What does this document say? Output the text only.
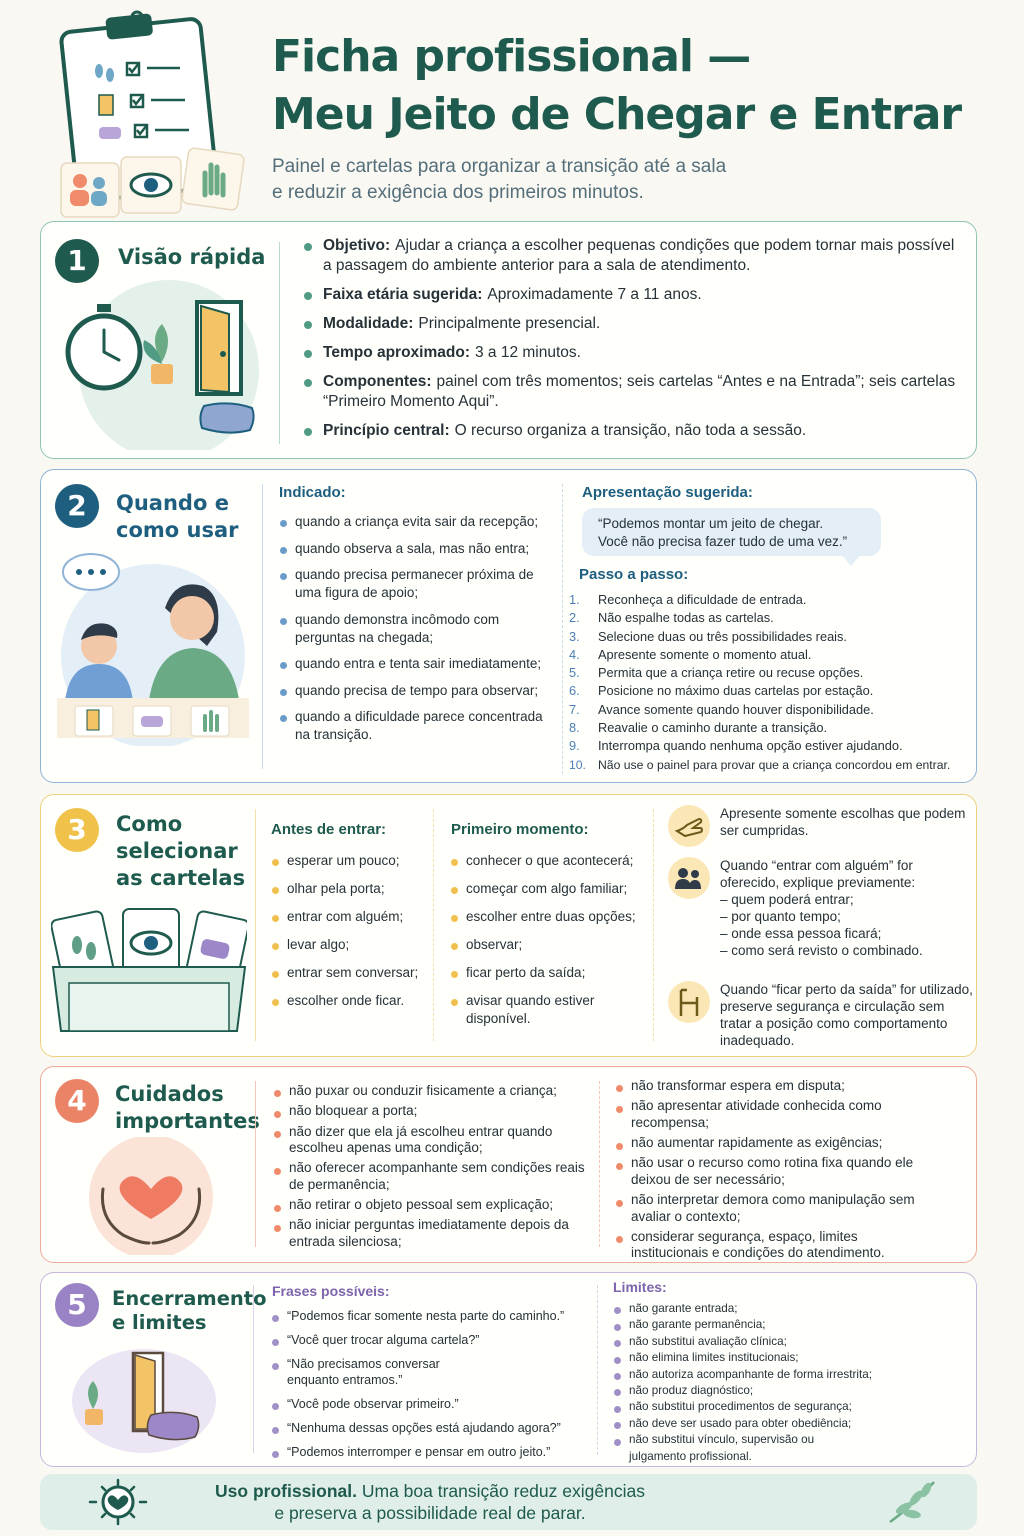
Ficha profissional —
Meu Jeito de Chegar e Entrar
Painel e cartelas para organizar a transição até a sala
e reduzir a exigência dos primeiros minutos.
1	Visão rápida	Objetivo: Ajudar a criança a escolher pequenas condições que podem tornar mais possível a passagem do ambiente anterior para a sala de atendimento.
Faixa etária sugerida: Aproximadamente 7 a 11 anos.
Modalidade: Principalmente presencial.
Tempo aproximado: 3 a 12 minutos.
Componentes: painel com três momentos; seis cartelas “Antes e na Entrada”; seis cartelas “Primeiro Momento Aqui”.
Princípio central: O recurso organiza a transição, não toda a sessão.
2	Quando e
como usar
Indicado:
quando a criança evita sair da recepção;
quando observa a sala, mas não entra;
quando precisa permanecer próxima de uma figura de apoio;
quando demonstra incômodo com perguntas na chegada;
quando entra e tenta sair imediatamente;
quando precisa de tempo para observar;
quando a dificuldade parece concentrada na transição.
Apresentação sugerida:
“Podemos montar um jeito de chegar.
Você não precisa fazer tudo de uma vez.”
Passo a passo:
1. Reconheça a dificuldade de entrada.
2. Não espalhe todas as cartelas.
3. Selecione duas ou três possibilidades reais.
4. Apresente somente o momento atual.
5. Permita que a criança retire ou recuse opções.
6. Posicione no máximo duas cartelas por estação.
7. Avance somente quando houver disponibilidade.
8. Reavalie o caminho durante a transição.
9. Interrompa quando nenhuma opção estiver ajudando.
10. Não use o painel para provar que a criança concordou em entrar.
3	Como
selecionar
as cartelas
Antes de entrar:
esperar um pouco;
olhar pela porta;
entrar com alguém;
levar algo;
entrar sem conversar;
escolher onde ficar.
Primeiro momento:
conhecer o que acontecerá;
começar com algo familiar;
escolher entre duas opções;
observar;
ficar perto da saída;
avisar quando estiver disponível.
Apresente somente escolhas que podem ser cumpridas.
Quando “entrar com alguém” for oferecido, explique previamente:
– quem poderá entrar;
– por quanto tempo;
– onde essa pessoa ficará;
– como será revisto o combinado.
Quando “ficar perto da saída” for utilizado, preserve segurança e circulação sem tratar a posição como comportamento inadequado.
4	Cuidados
importantes
não puxar ou conduzir fisicamente a criança;
não bloquear a porta;
não dizer que ela já escolheu entrar quando escolheu apenas uma condição;
não oferecer acompanhante sem condições reais de permanência;
não retirar o objeto pessoal sem explicação;
não iniciar perguntas imediatamente depois da entrada silenciosa;
não transformar espera em disputa;
não apresentar atividade conhecida como recompensa;
não aumentar rapidamente as exigências;
não usar o recurso como rotina fixa quando ele deixou de ser necessário;
não interpretar demora como manipulação sem avaliar o contexto;
considerar segurança, espaço, limites institucionais e condições do atendimento.
5	Encerramento
e limites
Frases possíveis:
“Podemos ficar somente nesta parte do caminho.”
“Você quer trocar alguma cartela?”
“Não precisamos conversar enquanto entramos.”
“Você pode observar primeiro.”
“Nenhuma dessas opções está ajudando agora?”
“Podemos interromper e pensar em outro jeito.”
Limites:
não garante entrada;
não garante permanência;
não substitui avaliação clínica;
não elimina limites institucionais;
não autoriza acompanhante de forma irrestrita;
não produz diagnóstico;
não substitui procedimentos de segurança;
não deve ser usado para obter obediência;
não substitui vínculo, supervisão ou julgamento profissional.
Uso profissional. Uma boa transição reduz exigências
e preserva a possibilidade real de parar.
